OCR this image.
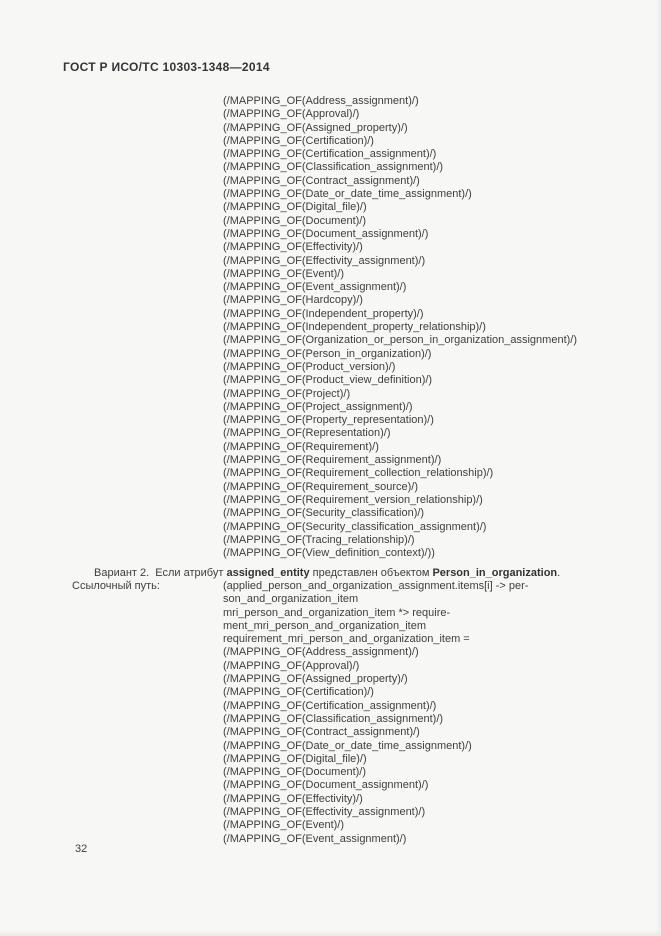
ГОСТ Р ИСО/ТС 10303-1348—2014
(/MAPPING_OF(Address_assignment)/)
(/MAPPING_OF(Approval)/)
(/MAPPING_OF(Assigned_property)/)
(/MAPPING_OF(Certification)/)
(/MAPPING_OF(Certification_assignment)/)
(/MAPPING_OF(Classification_assignment)/)
(/MAPPING_OF(Contract_assignment)/)
(/MAPPING_OF(Date_or_date_time_assignment)/)
(/MAPPING_OF(Digital_file)/)
(/MAPPING_OF(Document)/)
(/MAPPING_OF(Document_assignment)/)
(/MAPPING_OF(Effectivity)/)
(/MAPPING_OF(Effectivity_assignment)/)
(/MAPPING_OF(Event)/)
(/MAPPING_OF(Event_assignment)/)
(/MAPPING_OF(Hardcopy)/)
(/MAPPING_OF(Independent_property)/)
(/MAPPING_OF(Independent_property_relationship)/)
(/MAPPING_OF(Organization_or_person_in_organization_assignment)/)
(/MAPPING_OF(Person_in_organization)/)
(/MAPPING_OF(Product_version)/)
(/MAPPING_OF(Product_view_definition)/)
(/MAPPING_OF(Project)/)
(/MAPPING_OF(Project_assignment)/)
(/MAPPING_OF(Property_representation)/)
(/MAPPING_OF(Representation)/)
(/MAPPING_OF(Requirement)/)
(/MAPPING_OF(Requirement_assignment)/)
(/MAPPING_OF(Requirement_collection_relationship)/)
(/MAPPING_OF(Requirement_source)/)
(/MAPPING_OF(Requirement_version_relationship)/)
(/MAPPING_OF(Security_classification)/)
(/MAPPING_OF(Security_classification_assignment)/)
(/MAPPING_OF(Tracing_relationship)/)
(/MAPPING_OF(View_definition_context)/))
Вариант 2.  Если атрибут assigned_entity представлен объектом Person_in_organization.
Ссылочный путь:	(applied_person_and_organization_assignment.items[i] -> per-
son_and_organization_item
mri_person_and_organization_item *> require-
ment_mri_person_and_organization_item
requirement_mri_person_and_organization_item =
(/MAPPING_OF(Address_assignment)/)
(/MAPPING_OF(Approval)/)
(/MAPPING_OF(Assigned_property)/)
(/MAPPING_OF(Certification)/)
(/MAPPING_OF(Certification_assignment)/)
(/MAPPING_OF(Classification_assignment)/)
(/MAPPING_OF(Contract_assignment)/)
(/MAPPING_OF(Date_or_date_time_assignment)/)
(/MAPPING_OF(Digital_file)/)
(/MAPPING_OF(Document)/)
(/MAPPING_OF(Document_assignment)/)
(/MAPPING_OF(Effectivity)/)
(/MAPPING_OF(Effectivity_assignment)/)
(/MAPPING_OF(Event)/)
(/MAPPING_OF(Event_assignment)/)
32
